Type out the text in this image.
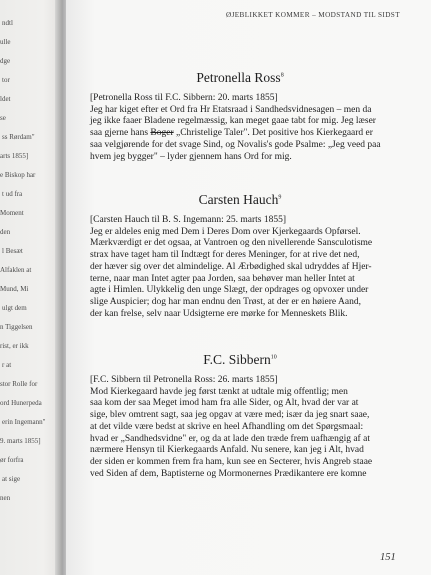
ndtl
ulle
dge
tor
ldet
se
ss Rørdam"
arts 1855]
e Biskop har
t ud fra
Moment
den
l Besæt
Alfaklen at
Mund, Mi
ulgt dem
n Tiggelsen
rist, er ikk
r at
stor Rolle for
ord Hunerpeda
erin Ingemann"
9. marts 1855]
ør forfra
at sige
nen
ØJEBLIKKET KOMMER – MODSTAND TIL SIDST
Petronella Ross$^8$
[Petronella Ross til F.C. Sibbern: 20. marts 1855]
Jeg har kiget efter et Ord fra Hr Etatsraad i Sandhedsvidnesagen – men da
jeg ikke faaer Bladene regelmæssig, kan meget gaae tabt for mig. Jeg læser
saa gjerne hans Boger „Christelige Taler". Det positive hos Kierkegaard er
saa velgjørende for det svage Sind, og Novalis's gode Psalme: „Jeg veed paa
hvem jeg bygger" – lyder gjennem hans Ord for mig.
Carsten Hauch$^9$
[Carsten Hauch til B. S. Ingemann: 25. marts 1855]
Jeg er aldeles enig med Dem i Deres Dom over Kjerkegaards Opførsel.
Mærkværdigt er det ogsaa, at Vantroen og den nivellerende Sansculotisme
strax have taget ham til Indtægt for deres Meninger, for at rive det ned,
der hæver sig over det almindelige. Al Ærbødighed skal udryddes af Hjer-
terne, naar man Intet agter paa Jorden, saa behøver man heller Intet at
agte i Himlen. Ulykkelig den unge Slægt, der opdrages og opvoxer under
slige Auspicier; dog har man endnu den Trøst, at der er en høiere Aand,
der kan frelse, selv naar Udsigterne ere mørke for Menneskets Blik.
F.C. Sibbern$^{10}$
[F.C. Sibbern til Petronella Ross: 26. marts 1855]
Mod Kierkegaard havde jeg først tænkt at udtale mig offentlig; men
saa kom der saa Meget imod ham fra alle Sider, og Alt, hvad der var at
sige, blev omtrent sagt, saa jeg opgav at være med; især da jeg snart saae,
at det vilde være bedst at skrive en heel Afhandling om det Spørgsmaal:
hvad er „Sandhedsvidne" er, og da at lade den træde frem uafhængig af at
nærmere Hensyn til Kierkegaards Anfald. Nu senere, kan jeg i Alt, hvad
der siden er kommen frem fra ham, kun see en Secterer, hvis Angreb staae
ved Siden af dem, Baptisterne og Mormonernes Prædikantere ere komne
151
